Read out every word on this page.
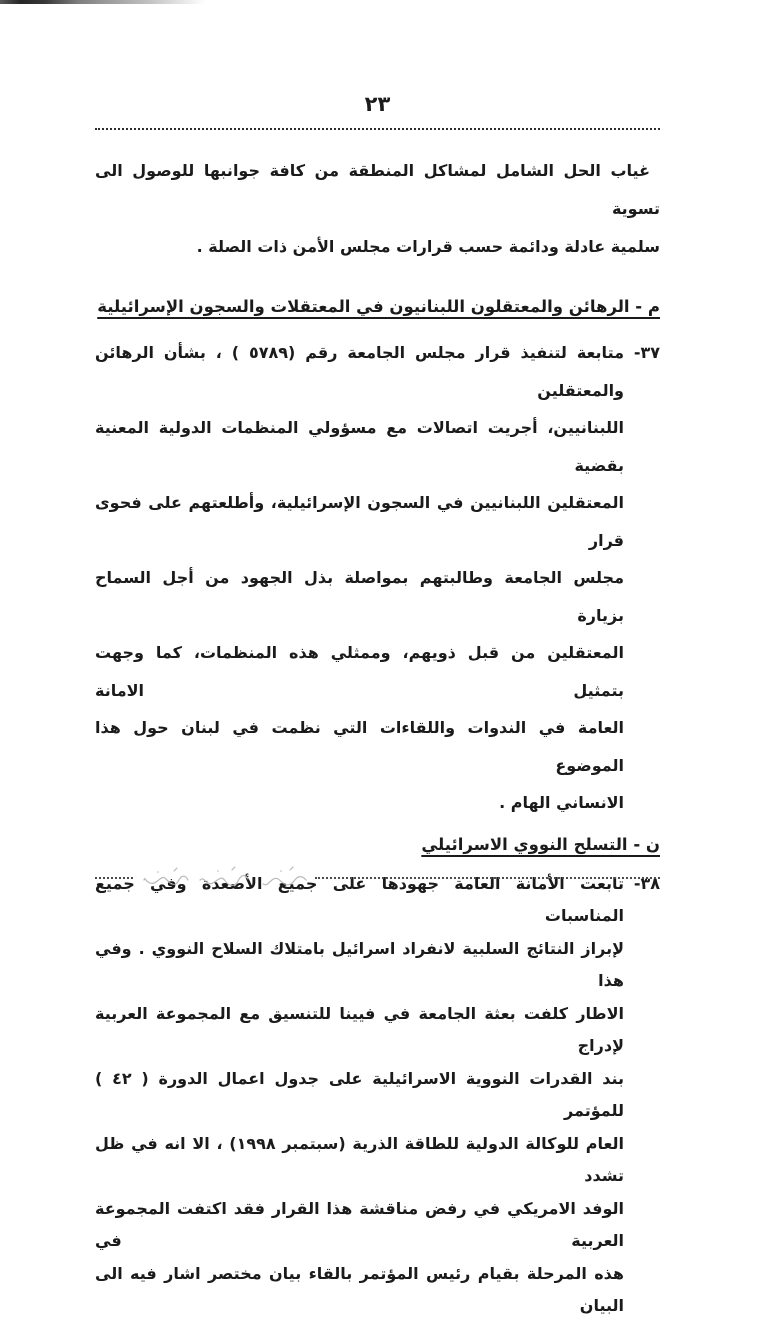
٢٣
غياب الحل الشامل لمشاكل المنطقة من كافة جوانبها للوصول الى تسوية
سلمية عادلة ودائمة حسب قرارات مجلس الأمن ذات الصلة .
م - الرهائن والمعتقلون اللبنانيون في المعتقلات والسجون الإسرائيلية
٣٧-
متابعة لتنفيذ قرار مجلس الجامعة رقم (٥٧٨٩ ) ، بشأن الرهائن والمعتقلين
اللبنانيين، أجريت اتصالات مع مسؤولي المنظمات الدولية المعنية بقضية
المعتقلين اللبنانيين في السجون الإسرائيلية، وأطلعتهم على فحوى قرار
مجلس الجامعة وطالبتهم بمواصلة بذل الجهود من أجل السماح بزيارة
المعتقلين من قبل ذويهم، وممثلي هذه المنظمات، كما وجهت بتمثيل الامانة
العامة في الندوات واللقاءات التي نظمت في لبنان حول هذا الموضوع
الانساني الهام .
ن - التسلح النووي الاسرائيلي
٣٨-
تابعت الأمانة العامة جهودها على جميع الأصعدة وفي جميع المناسبات
لإبراز النتائج السلبية لانفراد اسرائيل بامتلاك السلاح النووي . وفي هذا
الاطار كلفت بعثة الجامعة في فيينا للتنسيق مع المجموعة العربية لإدراج
بند القدرات النووية الاسرائيلية على جدول اعمال الدورة ( ٤٢ ) للمؤتمر
العام للوكالة الدولية للطاقة الذرية (سبتمبر ١٩٩٨) ، الا انه في ظل تشدد
الوفد الامريكي في رفض مناقشة هذا القرار فقد اكتفت المجموعة العربية في
هذه المرحلة بقيام رئيس المؤتمر بالقاء بيان مختصر اشار فيه الى البيان
